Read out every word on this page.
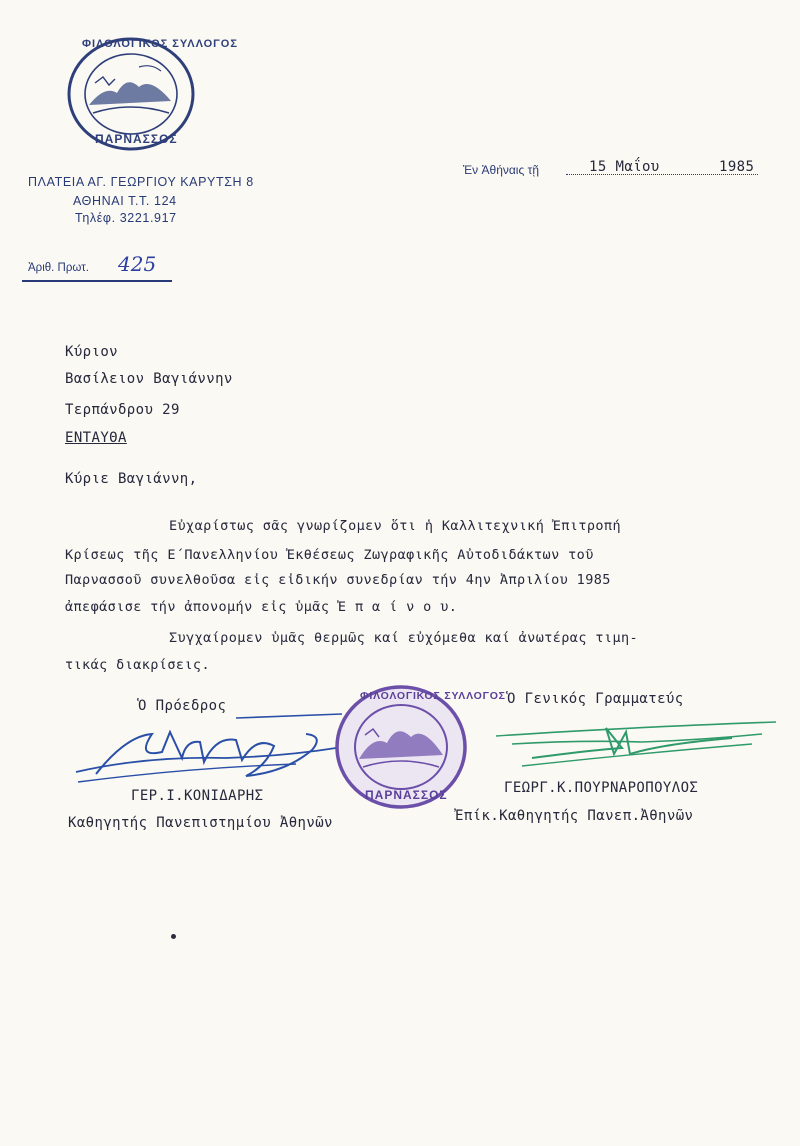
ΦΙΛΟΛΟΓΙΚΟΣ ΣΥΛΛΟΓΟΣ
ΠΑΡΝΑΣΣΟΣ
ΠΛΑΤΕΙΑ ΑΓ. ΓΕΩΡΓΙΟΥ ΚΑΡΥΤΣΗ 8
ΑΘΗΝΑΙ Τ.Τ. 124
Τηλέφ. 3221.917
Ἀριθ. Πρωτ. 425
Ἐν Ἀθήναις τῇ	15 Μαΐου	1985
Κύριον
Βασίλειον Βαγιάννην
Τερπάνδρου 29
ΕΝΤΑΥΘΑ
Κύριε Βαγιάννη,
Εὐχαρίστως σᾶς γνωρίζομεν ὅτι ἡ Καλλιτεχνική Ἐπιτροπή
Κρίσεως τῆς Ε΄Πανελληνίου Ἐκθέσεως Ζωγραφικῆς Αὐτοδιδάκτων τοῦ
Παρνασσοῦ συνελθοῦσα εἰς εἰδικήν συνεδρίαν τήν 4ην Ἀπριλίου 1985
ἀπεφάσισε τήν ἀπονομήν εἰς ὑμᾶς Ἐ π α ί ν ο υ.
Συγχαίρομεν ὑμᾶς θερμῶς καί εὐχόμεθα καί ἀνωτέρας τιμη-
τικάς διακρίσεις.
Ὁ Πρόεδρος
ΓΕΡ.Ι.ΚΟΝΙΔΑΡΗΣ
Καθηγητής Πανεπιστημίου Ἀθηνῶν
ΦΙΛΟΛΟΓΙΚΟΣ ΣΥΛΛΟΓΟΣ
ΠΑΡΝΑΣΣΟΣ
Ὁ Γενικός Γραμματεύς
ΓΕΩΡΓ.Κ.ΠΟΥΡΝΑΡΟΠΟΥΛΟΣ
Ἐπίκ.Καθηγητής Πανεπ.Ἀθηνῶν
